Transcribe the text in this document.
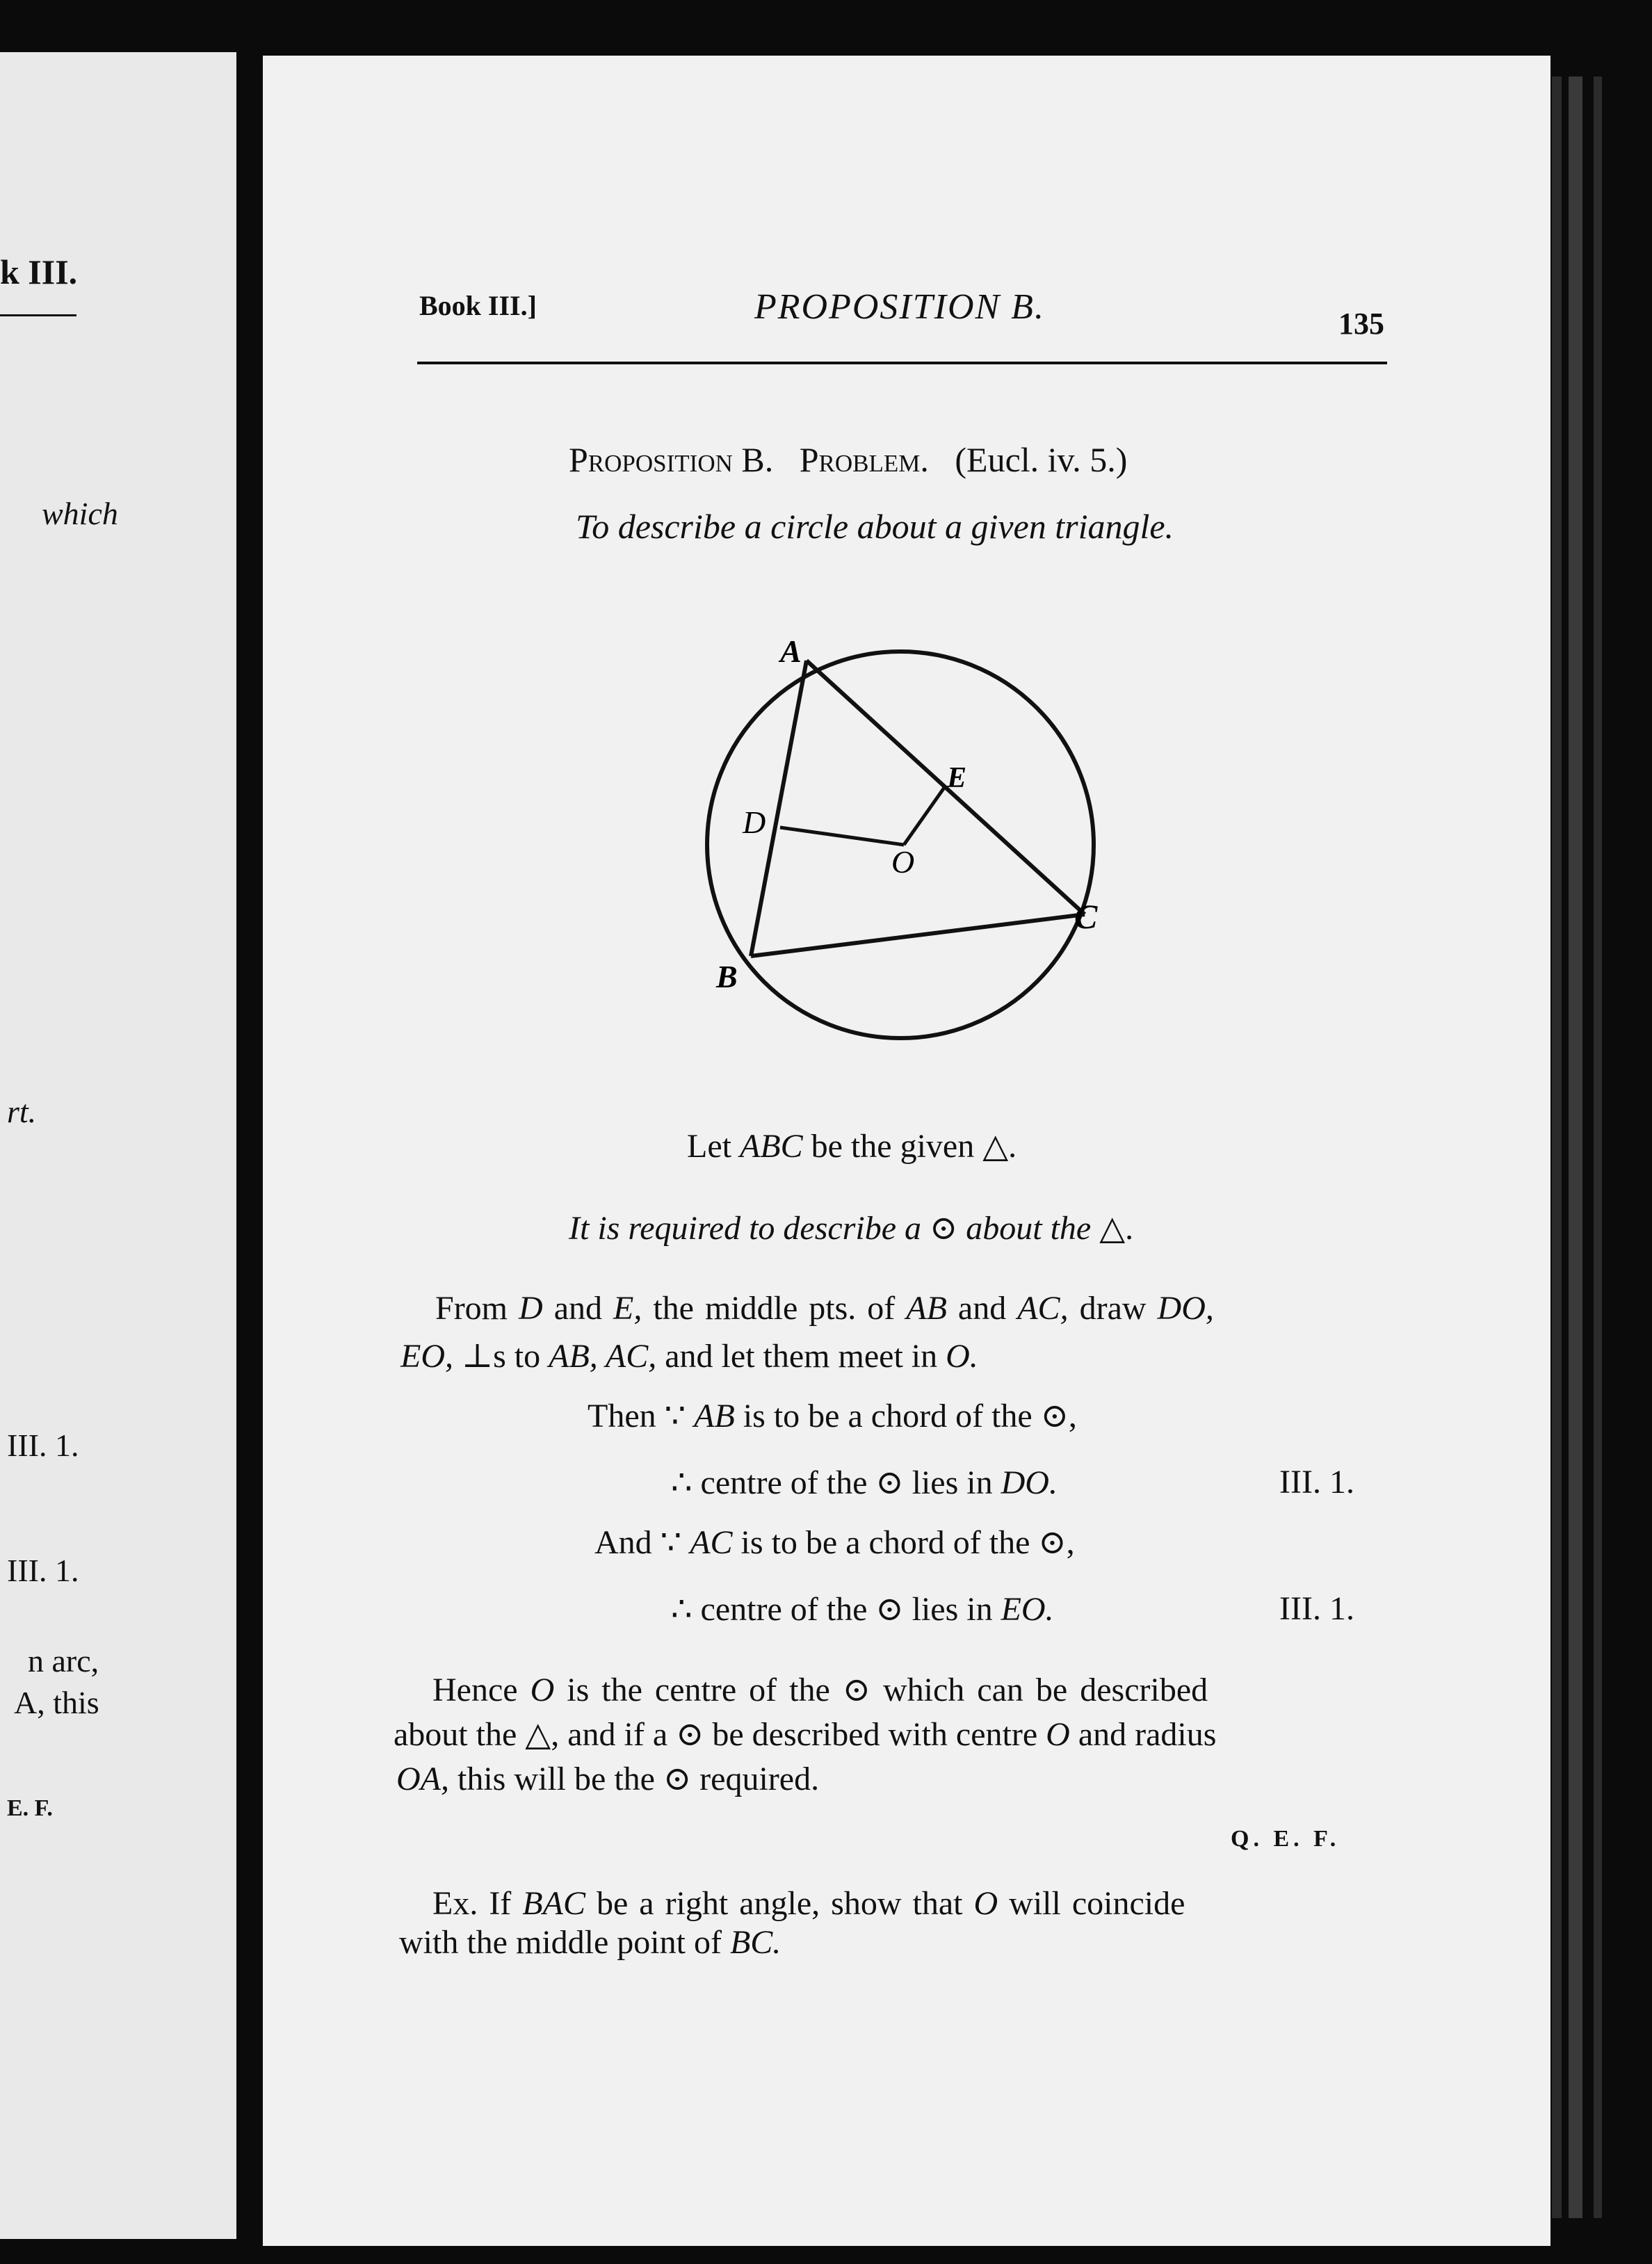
k III.
which
rt.
III. 1.
III. 1.
n arc,
A, this
E. F.
Book III.]	PROPOSITION B.	135
Proposition B. Problem. (Eucl. iv. 5.)
To describe a circle about a given triangle.
A
B
C
D
E
O
Let ABC be the given △.
It is required to describe a ⊙ about the △.
From D and E, the middle pts. of AB and AC, draw DO,
EO, ⊥s to AB, AC, and let them meet in O.
Then ∵ AB is to be a chord of the ⊙,
∴ centre of the ⊙ lies in DO.	III. 1.
And ∵ AC is to be a chord of the ⊙,
∴ centre of the ⊙ lies in EO.	III. 1.
Hence O is the centre of the ⊙ which can be described
about the △, and if a ⊙ be described with centre O and radius
OA, this will be the ⊙ required.
Q. E. F.
Ex. If BAC be a right angle, show that O will coincide
with the middle point of BC.
